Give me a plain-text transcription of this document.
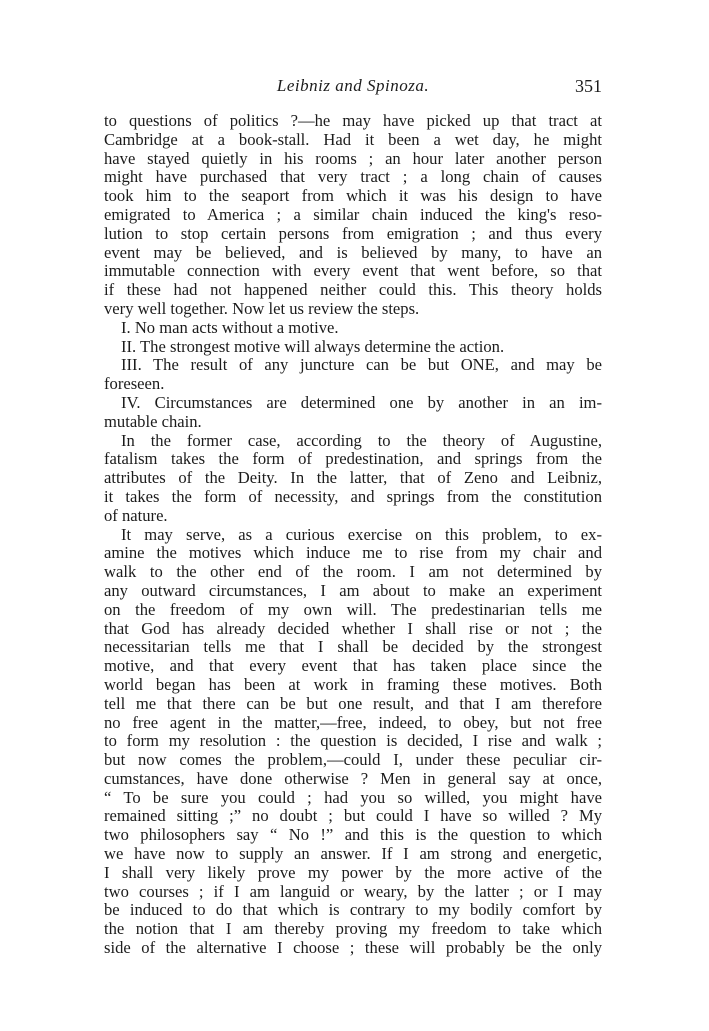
Leibniz and Spinoza.	351
to questions of politics ?—he may have picked up that tract at
Cambridge at a book-stall. Had it been a wet day, he might
have stayed quietly in his rooms ; an hour later another person
might have purchased that very tract ; a long chain of causes
took him to the seaport from which it was his design to have
emigrated to America ; a similar chain induced the king's reso-
lution to stop certain persons from emigration ; and thus every
event may be believed, and is believed by many, to have an
immutable connection with every event that went before, so that
if these had not happened neither could this. This theory holds
very well together. Now let us review the steps.
I. No man acts without a motive.
II. The strongest motive will always determine the action.
III. The result of any juncture can be but ONE, and may be
foreseen.
IV. Circumstances are determined one by another in an im-
mutable chain.
In the former case, according to the theory of Augustine,
fatalism takes the form of predestination, and springs from the
attributes of the Deity. In the latter, that of Zeno and Leibniz,
it takes the form of necessity, and springs from the constitution
of nature.
It may serve, as a curious exercise on this problem, to ex-
amine the motives which induce me to rise from my chair and
walk to the other end of the room. I am not determined by
any outward circumstances, I am about to make an experiment
on the freedom of my own will. The predestinarian tells me
that God has already decided whether I shall rise or not ; the
necessitarian tells me that I shall be decided by the strongest
motive, and that every event that has taken place since the
world began has been at work in framing these motives. Both
tell me that there can be but one result, and that I am therefore
no free agent in the matter,—free, indeed, to obey, but not free
to form my resolution : the question is decided, I rise and walk ;
but now comes the problem,—could I, under these peculiar cir-
cumstances, have done otherwise ? Men in general say at once,
“ To be sure you could ; had you so willed, you might have
remained sitting ;” no doubt ; but could I have so willed ? My
two philosophers say “ No !” and this is the question to which
we have now to supply an answer. If I am strong and energetic,
I shall very likely prove my power by the more active of the
two courses ; if I am languid or weary, by the latter ; or I may
be induced to do that which is contrary to my bodily comfort by
the notion that I am thereby proving my freedom to take which
side of the alternative I choose ; these will probably be the only
